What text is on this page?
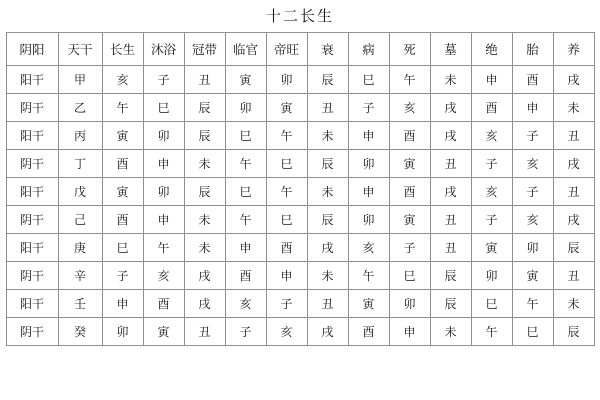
十二长生
阴阳	天干	长生	沐浴	冠带	临官	帝旺	衰	病	死	墓	绝	胎	养
阳干	甲	亥	子	丑	寅	卯	辰	巳	午	未	申	酉	戌
阴干	乙	午	巳	辰	卯	寅	丑	子	亥	戌	酉	申	未
阳干	丙	寅	卯	辰	巳	午	未	申	酉	戌	亥	子	丑
阴干	丁	酉	申	未	午	巳	辰	卯	寅	丑	子	亥	戌
阳干	戊	寅	卯	辰	巳	午	未	申	酉	戌	亥	子	丑
阴干	己	酉	申	未	午	巳	辰	卯	寅	丑	子	亥	戌
阳干	庚	巳	午	未	申	酉	戌	亥	子	丑	寅	卯	辰
阴干	辛	子	亥	戌	酉	申	未	午	巳	辰	卯	寅	丑
阳干	壬	申	酉	戌	亥	子	丑	寅	卯	辰	巳	午	未
阴干	癸	卯	寅	丑	子	亥	戌	酉	申	未	午	巳	辰
